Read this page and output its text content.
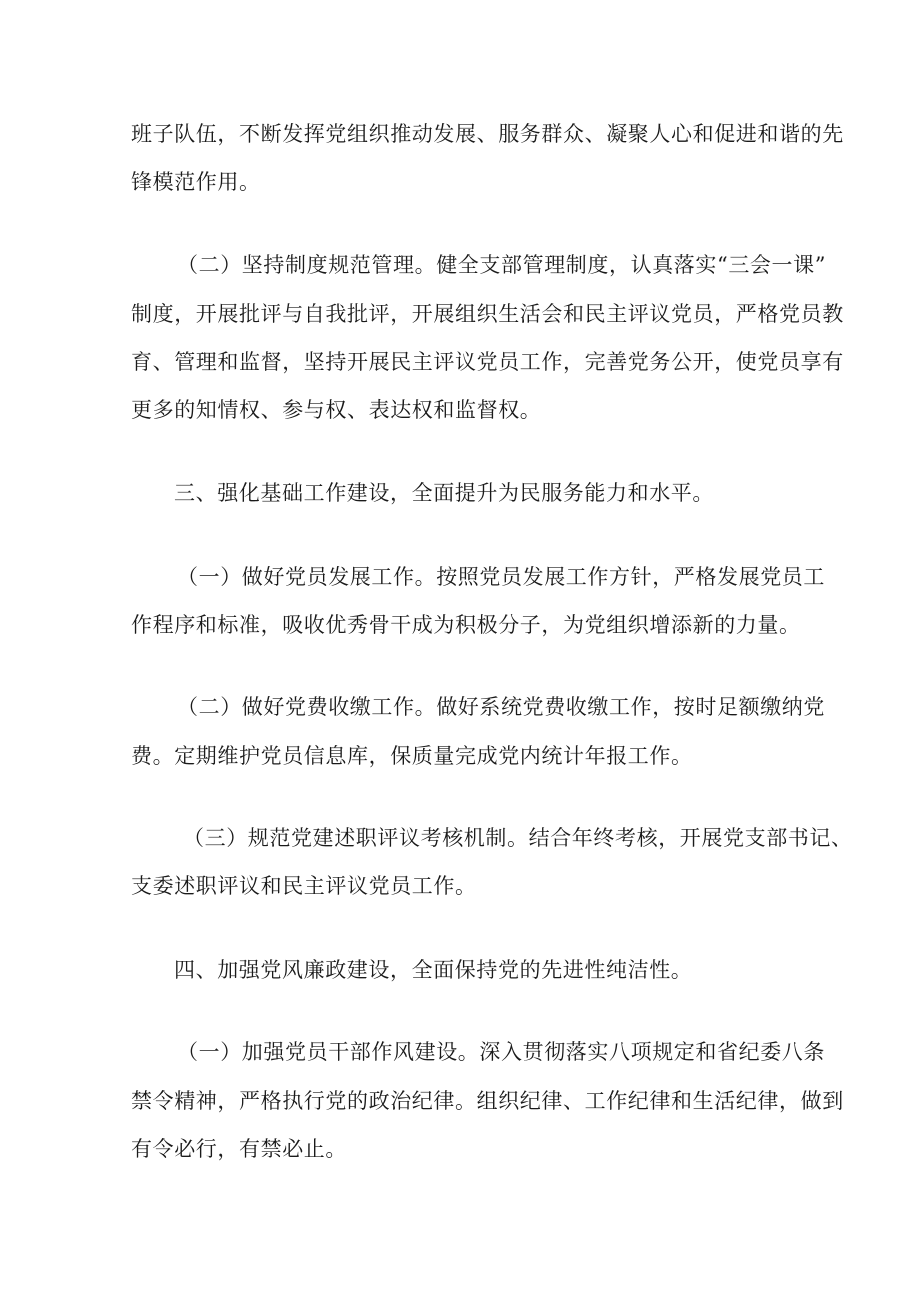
班子队伍，不断发挥党组织推动发展、服务群众、凝聚人心和促进和谐的先
锋模范作用。
（二）坚持制度规范管理。健全支部管理制度，认真落实“三会一课”
制度，开展批评与自我批评，开展组织生活会和民主评议党员，严格党员教
育、管理和监督，坚持开展民主评议党员工作，完善党务公开，使党员享有
更多的知情权、参与权、表达权和监督权。
三、强化基础工作建设，全面提升为民服务能力和水平。
（一）做好党员发展工作。按照党员发展工作方针，严格发展党员工
作程序和标准，吸收优秀骨干成为积极分子，为党组织增添新的力量。
（二）做好党费收缴工作。做好系统党费收缴工作，按时足额缴纳党
费。定期维护党员信息库，保质量完成党内统计年报工作。
（三）规范党建述职评议考核机制。结合年终考核，开展党支部书记、
支委述职评议和民主评议党员工作。
四、加强党风廉政建设，全面保持党的先进性纯洁性。
（一）加强党员干部作风建设。深入贯彻落实八项规定和省纪委八条
禁令精神，严格执行党的政治纪律。组织纪律、工作纪律和生活纪律，做到
有令必行，有禁必止。
